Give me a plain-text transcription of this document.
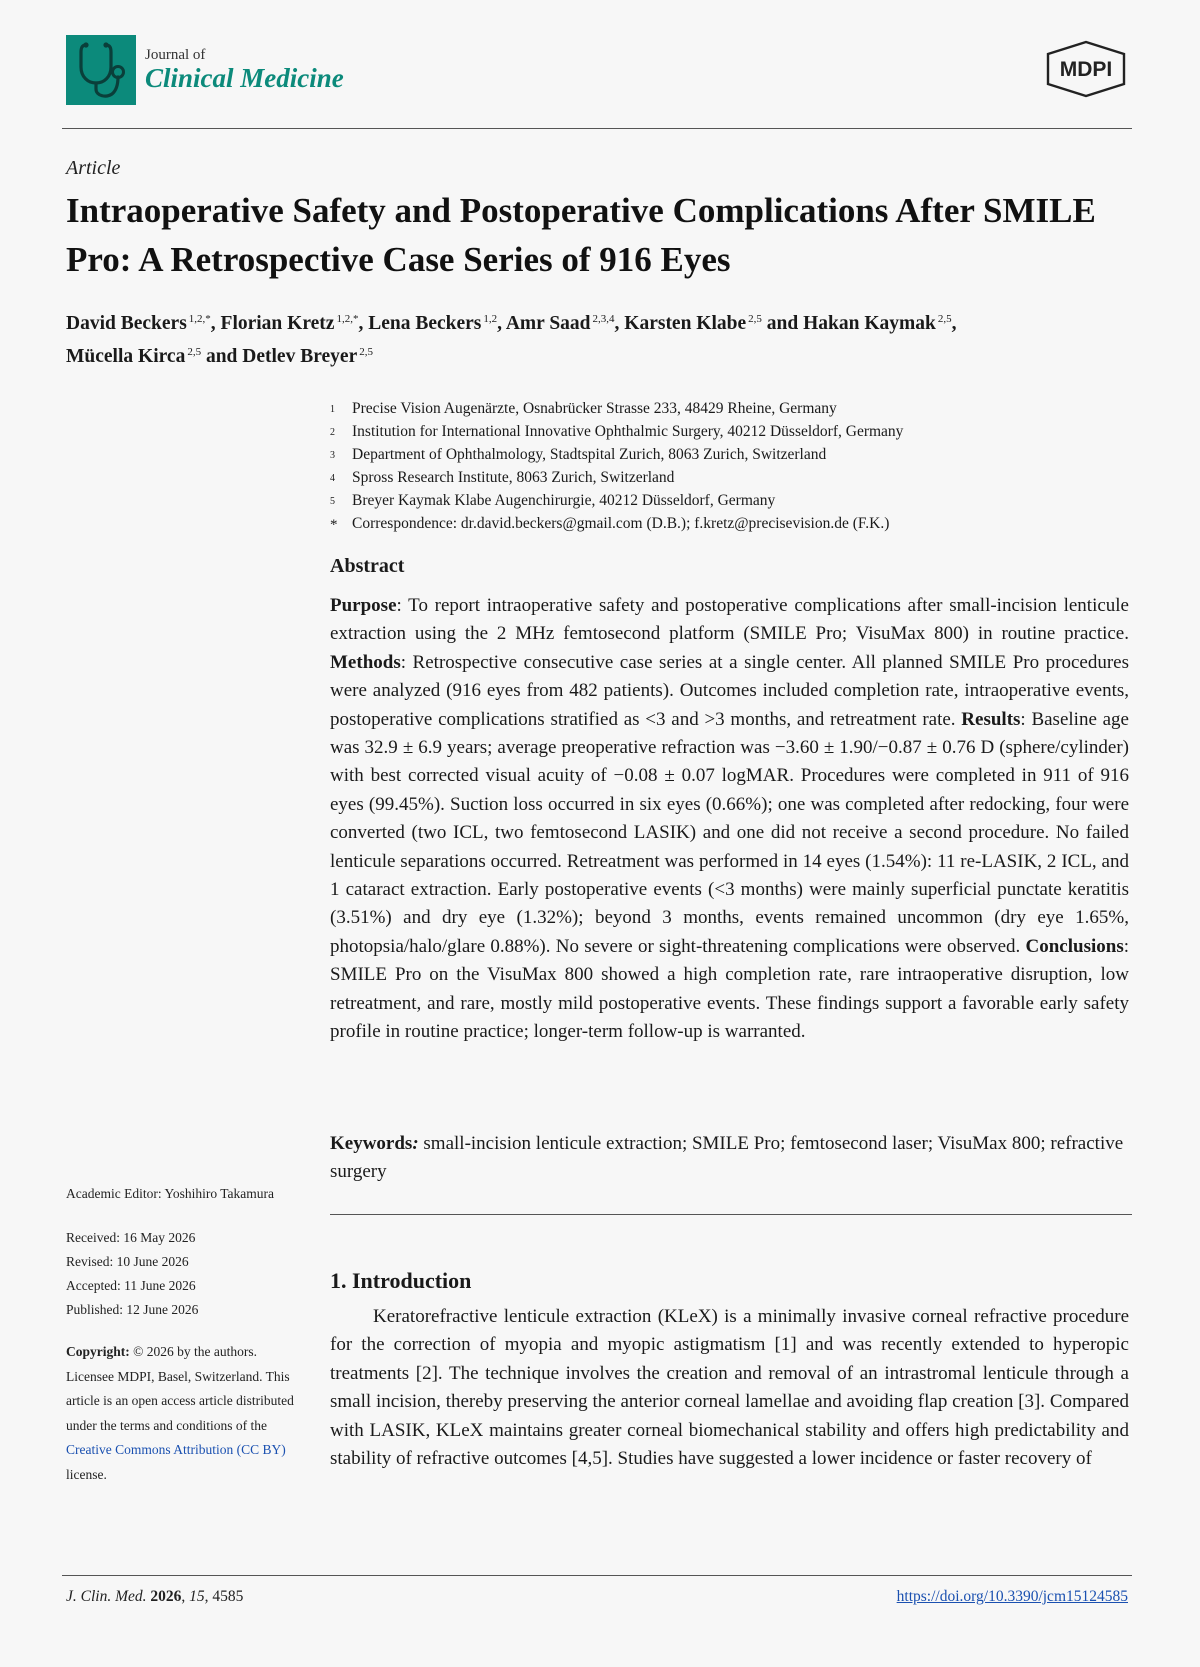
Journal of
Clinical Medicine	MDPI
Article
Intraoperative Safety and Postoperative Complications After SMILE Pro: A Retrospective Case Series of 916 Eyes
David Beckers $^{1,2,*}$, Florian Kretz $^{1,2,*}$, Lena Beckers $^{1,2}$, Amr Saad $^{2,3,4}$, Karsten Klabe $^{2,5}$ and Hakan Kaymak $^{2,5}$,
Mücella Kirca $^{2,5}$ and Detlev Breyer $^{2,5}$
1	Precise Vision Augenärzte, Osnabrücker Strasse 233, 48429 Rheine, Germany
2	Institution for International Innovative Ophthalmic Surgery, 40212 Düsseldorf, Germany
3	Department of Ophthalmology, Stadtspital Zurich, 8063 Zurich, Switzerland
4	Spross Research Institute, 8063 Zurich, Switzerland
5	Breyer Kaymak Klabe Augenchirurgie, 40212 Düsseldorf, Germany
* Correspondence: dr.david.beckers@gmail.com (D.B.); f.kretz@precisevision.de (F.K.)
Abstract

Purpose: To report intraoperative safety and postoperative complications after small-incision lenticule extraction using the 2 MHz femtosecond platform (SMILE Pro; VisuMax 800) in routine practice. Methods: Retrospective consecutive case series at a single center. All planned SMILE Pro procedures were analyzed (916 eyes from 482 patients). Outcomes included completion rate, intraoperative events, postoperative complications stratified as <3 and >3 months, and retreatment rate. Results: Baseline age was 32.9 ± 6.9 years; average preoperative refraction was −3.60 ± 1.90/−0.87 ± 0.76 D (sphere/cylinder) with best corrected visual acuity of −0.08 ± 0.07 logMAR. Procedures were completed in 911 of 916 eyes (99.45%). Suction loss occurred in six eyes (0.66%); one was completed after redocking, four were converted (two ICL, two femtosecond LASIK) and one did not receive a second procedure. No failed lenticule separations occurred. Retreatment was performed in 14 eyes (1.54%): 11 re-LASIK, 2 ICL, and 1 cataract extraction. Early postoperative events (<3 months) were mainly superficial punctate keratitis (3.51%) and dry eye (1.32%); beyond 3 months, events remained uncommon (dry eye 1.65%, photopsia/halo/glare 0.88%). No severe or sight-threatening complications were observed. Conclusions: SMILE Pro on the VisuMax 800 showed a high completion rate, rare intraoperative disruption, low retreatment, and rare, mostly mild postoperative events. These findings support a favorable early safety profile in routine practice; longer-term follow-up is warranted.

Keywords: small-incision lenticule extraction; SMILE Pro; femtosecond laser; VisuMax 800; refractive surgery

Academic Editor: Yoshihiro Takamura
Received: 16 May 2026
Revised: 10 June 2026
Accepted: 11 June 2026
Published: 12 June 2026
Copyright: © 2026 by the authors. Licensee MDPI, Basel, Switzerland. This article is an open access article distributed under the terms and conditions of the Creative Commons Attribution (CC BY) license.
1. Introduction

Keratorefractive lenticule extraction (KLeX) is a minimally invasive corneal refractive procedure for the correction of myopia and myopic astigmatism [1] and was recently extended to hyperopic treatments [2]. The technique involves the creation and removal of an intrastromal lenticule through a small incision, thereby preserving the anterior corneal lamellae and avoiding flap creation [3]. Compared with LASIK, KLeX maintains greater corneal biomechanical stability and offers high predictability and stability of refractive outcomes [4,5]. Studies have suggested a lower incidence or faster recovery of

J. Clin. Med. 2026, 15, 4585	https://doi.org/10.3390/jcm15124585
